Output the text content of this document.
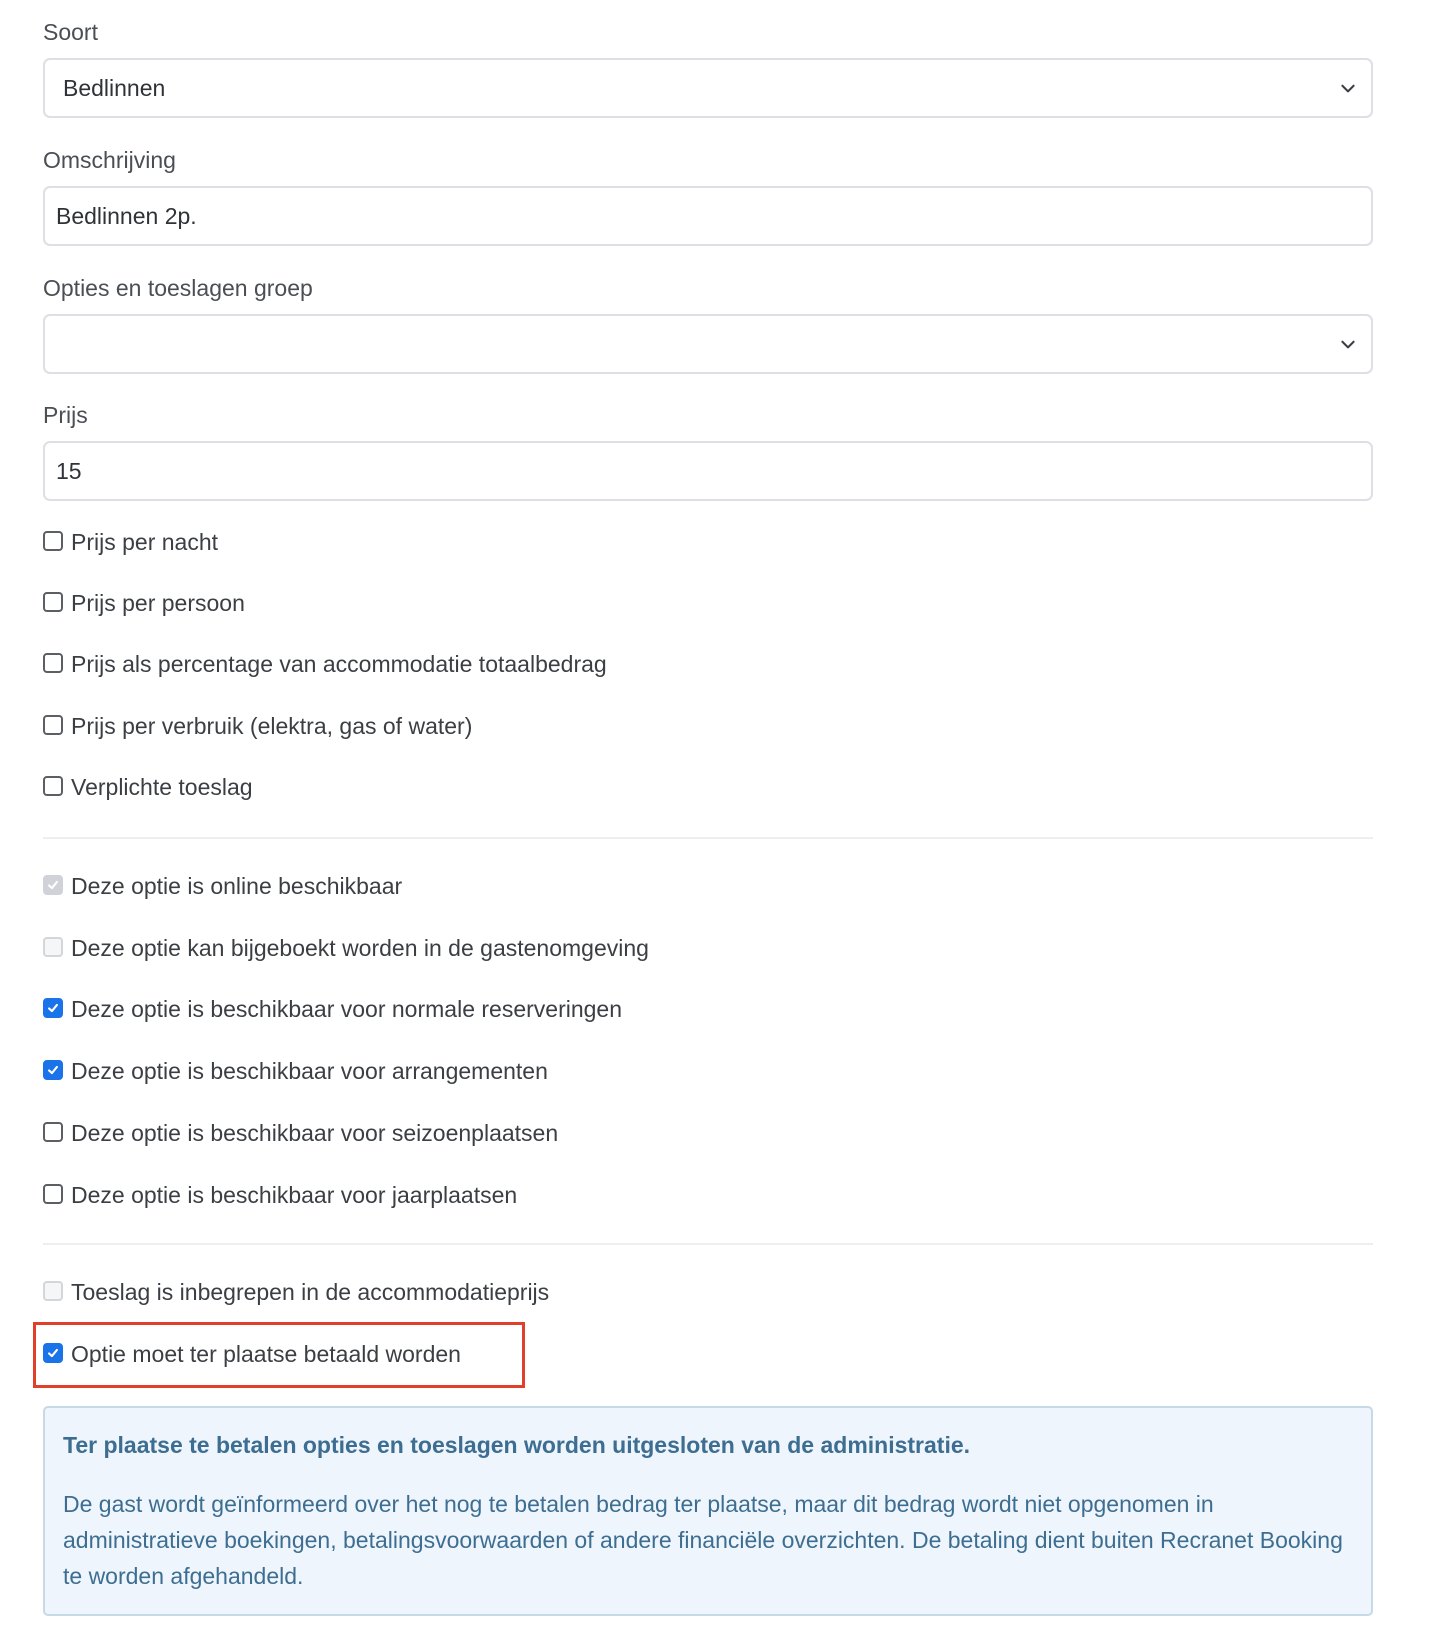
Soort
Bedlinnen
Omschrijving
Bedlinnen 2p.
Opties en toeslagen groep
Prijs
15
Prijs per nacht
Prijs per persoon
Prijs als percentage van accommodatie totaalbedrag
Prijs per verbruik (elektra, gas of water)
Verplichte toeslag
Deze optie is online beschikbaar
Deze optie kan bijgeboekt worden in de gastenomgeving
Deze optie is beschikbaar voor normale reserveringen
Deze optie is beschikbaar voor arrangementen
Deze optie is beschikbaar voor seizoenplaatsen
Deze optie is beschikbaar voor jaarplaatsen
Toeslag is inbegrepen in de accommodatieprijs
Optie moet ter plaatse betaald worden

Ter plaatse te betalen opties en toeslagen worden uitgesloten van de administratie.

De gast wordt geïnformeerd over het nog te betalen bedrag ter plaatse, maar dit bedrag wordt niet opgenomen in administratieve boekingen, betalingsvoorwaarden of andere financiële overzichten. De betaling dient buiten Recranet Booking te worden afgehandeld.
